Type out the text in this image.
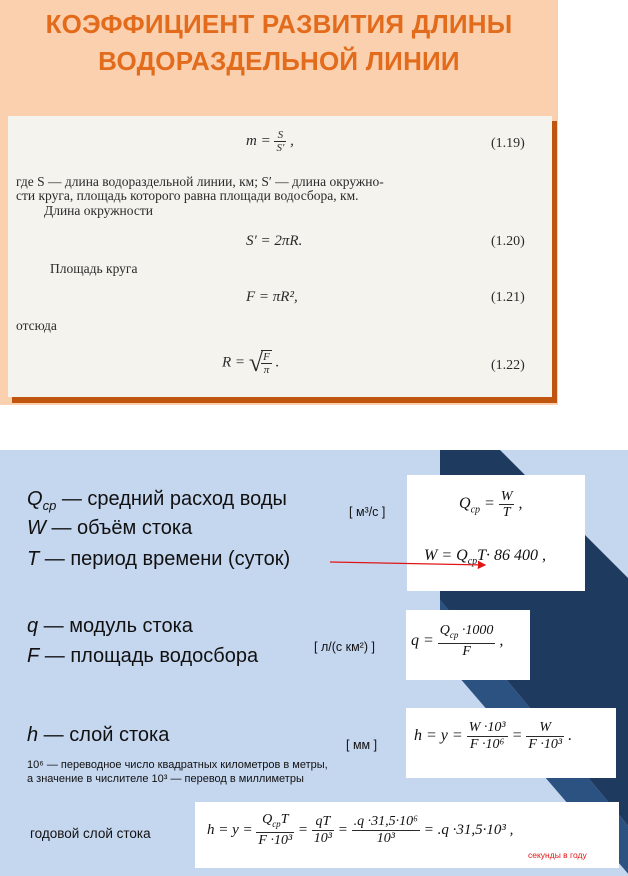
КОЭФФИЦИЕНТ РАЗВИТИЯ ДЛИНЫ
ВОДОРАЗДЕЛЬНОЙ ЛИНИИ
$m = \frac{S}{S'}$ ,	(1.19)
где S — длина водораздельной линии, км; S′ — длина окружно-
сти круга, площадь которого равна площади водосбора, км.
Длина окружности
S′ = 2πR.	(1.20)
Площадь круга
F = πR²,	(1.21)
отсюда
R = √
$\frac{F}{\pi}$ .	(1.22)
$Q_{cp}$ — средний расход воды
W — объём стока
T — период времени (суток)
[ м³/с ]
q — модуль стока
F — площадь водосбора	[ л/(с км²) ]
h — слой стока	[ мм ]
10⁶ — переводное число квадратных километров в метры,
а значение в числителе 10³ — перевод в миллиметры
годовой слой стока
$Q_{ср} = \frac{W}{T}$ ,
$W = Q_{ср}T\cdot 86$ 400 ,
$q = \frac{Q_{ср} \cdot 1000}{F}$ ,
$h = y = \frac{\text{W ·10³}}{\text{F ·10⁶}} = \frac{W}{\text{F ·10³}}$ .
$h = y = \frac{Q_{ср}T}{\text{F ·10³}} = \frac{qT}{\text{10³}} = \frac{\text{.q ·31,5·10⁶}}{\text{10³}} = .q \cdot 31,5\cdot 10^3$ ,
секунды в году
